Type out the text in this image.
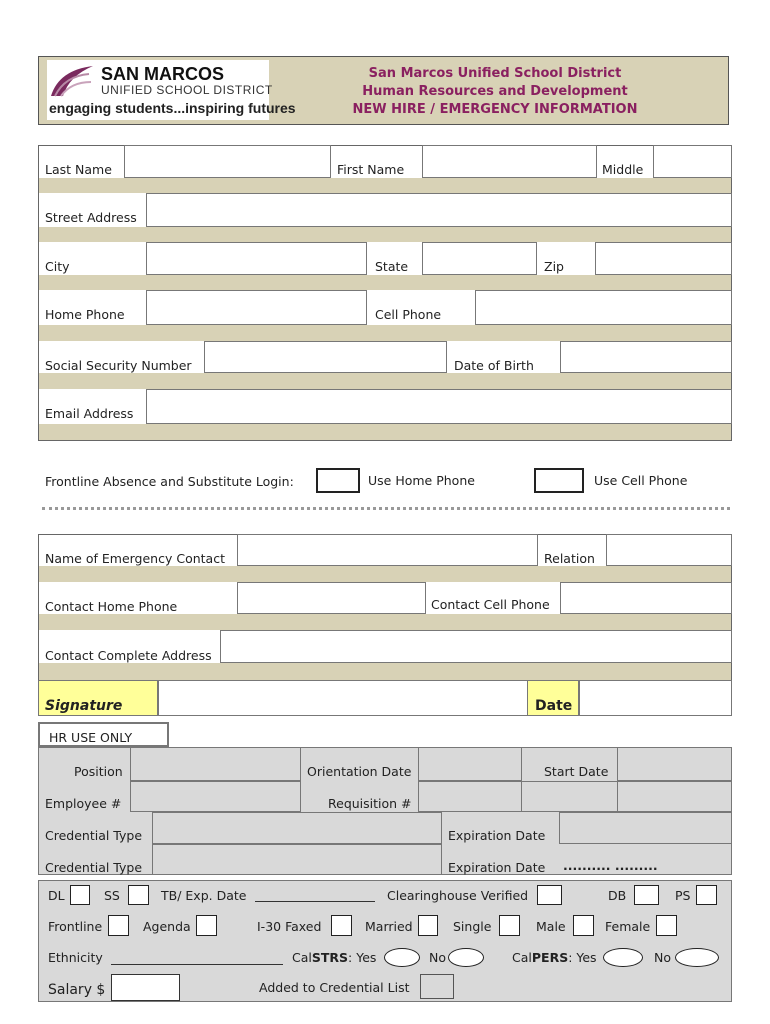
SAN MARCOS
UNIFIED SCHOOL DISTRICT
engaging students...inspiring futures
San Marcos Unified School District
Human Resources and Development
NEW HIRE / EMERGENCY INFORMATION
Last Name	First Name	Middle
Street Address
City	State	Zip
Home Phone	Cell Phone
Social Security Number	Date of Birth
Email Address
Frontline Absence and Substitute Login:	Use Home Phone	Use Cell Phone
Name of Emergency Contact	Relation
Contact Home Phone	Contact Cell Phone
Contact Complete Address
Signature	Date
HR USE ONLY
Position	Orientation Date	Start Date
Employee #	Requisition #
Credential Type	Expiration Date
Credential Type	Expiration Date .......... .........
DL	SS	TB/ Exp. Date	Clearinghouse Verified	DB	PS
Frontline	Agenda	I-30 Faxed	Married	Single	Male	Female
Ethnicity	CalSTRS: Yes	No	CalPERS: Yes	No
Salary $	Added to Credential List
